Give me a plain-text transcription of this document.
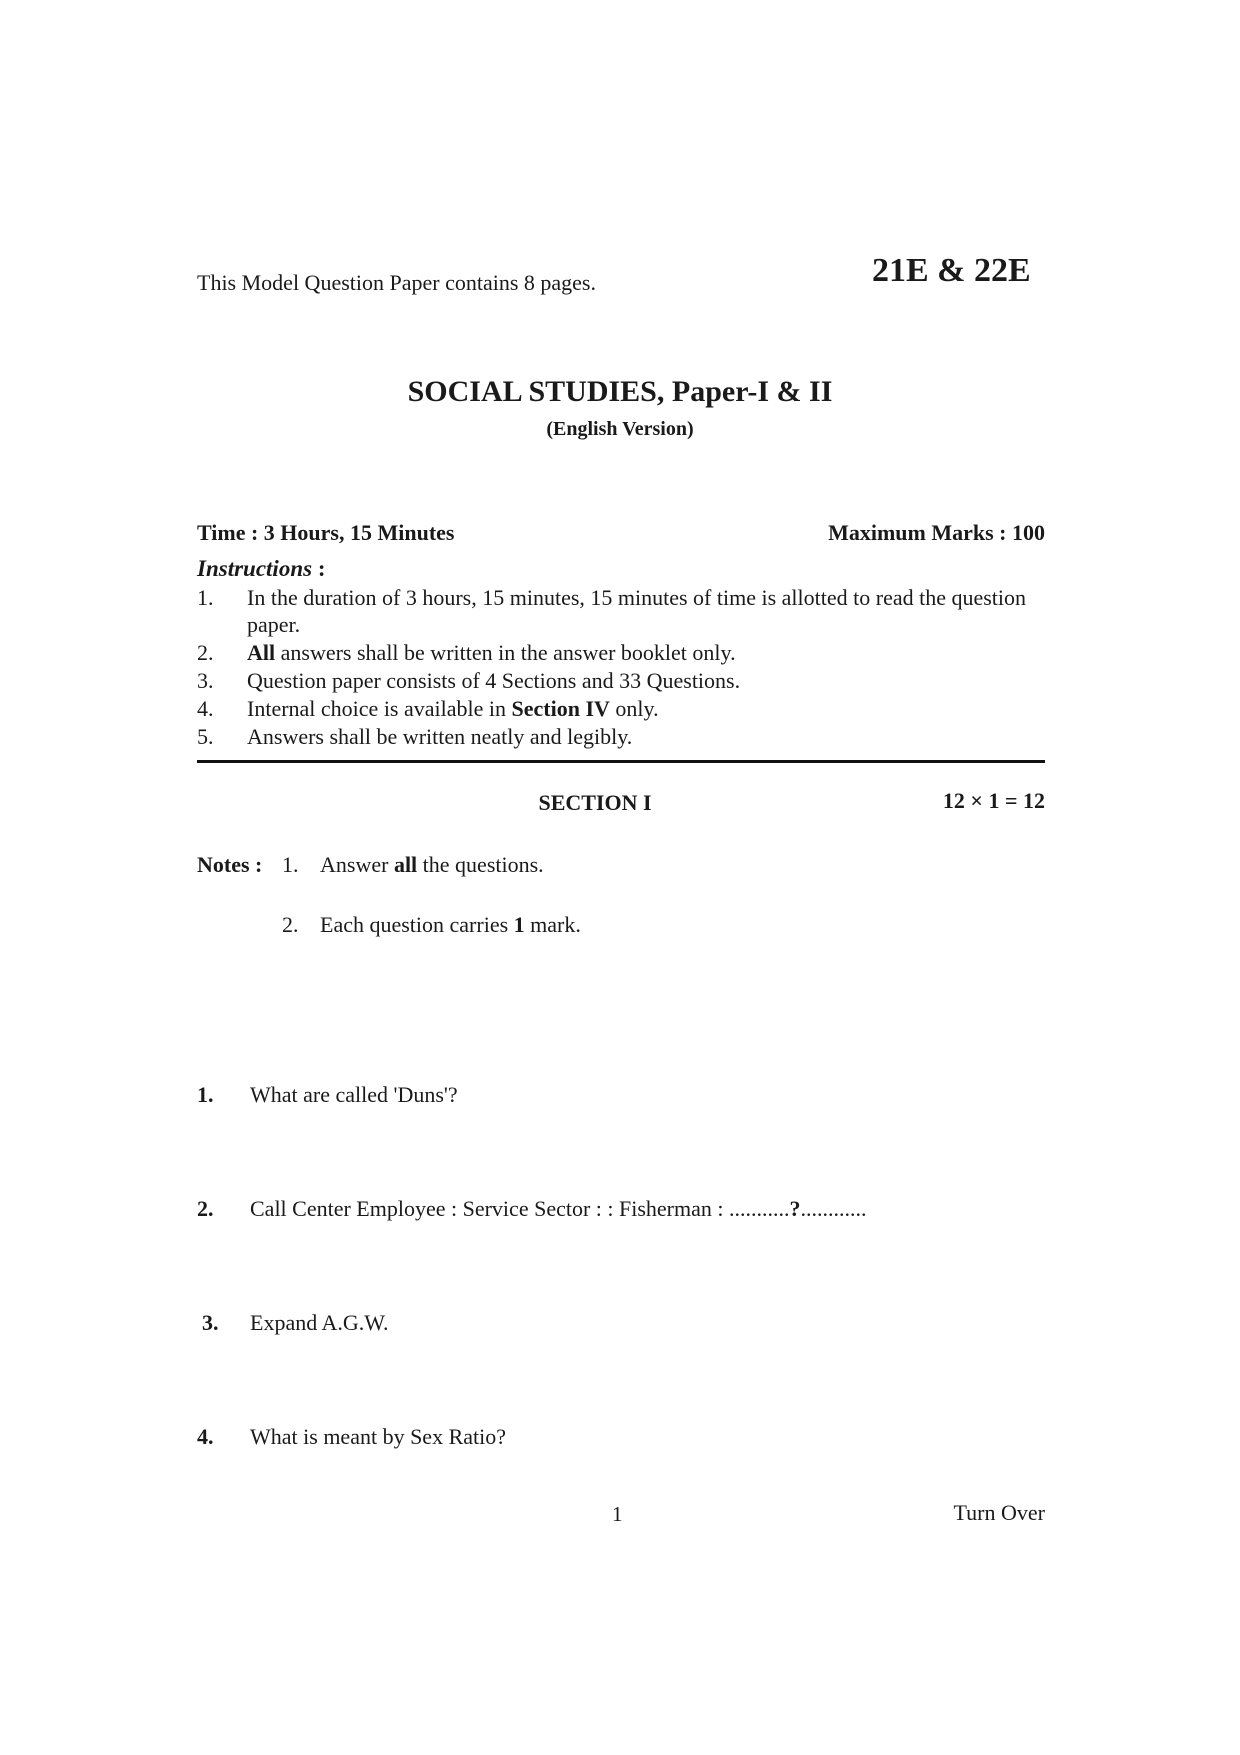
This Model Question Paper contains 8 pages.	21E & 22E
SOCIAL STUDIES, Paper-I & II
(English Version)
Time : 3 Hours, 15 Minutes	Maximum Marks : 100
Instructions :
1.	In the duration of 3 hours, 15 minutes, 15 minutes of time is allotted to read the question paper.
2.	All answers shall be written in the answer booklet only.
3.	Question paper consists of 4 Sections and 33 Questions.
4.	Internal choice is available in Section IV only.
5.	Answers shall be written neatly and legibly.
SECTION I	12 × 1 = 12
Notes : 1. Answer all the questions.
2. Each question carries 1 mark.
1.	What are called 'Duns'?
2.	Call Center Employee : Service Sector : : Fisherman : ...........?............
3.	Expand A.G.W.
4.	What is meant by Sex Ratio?
1	Turn Over
